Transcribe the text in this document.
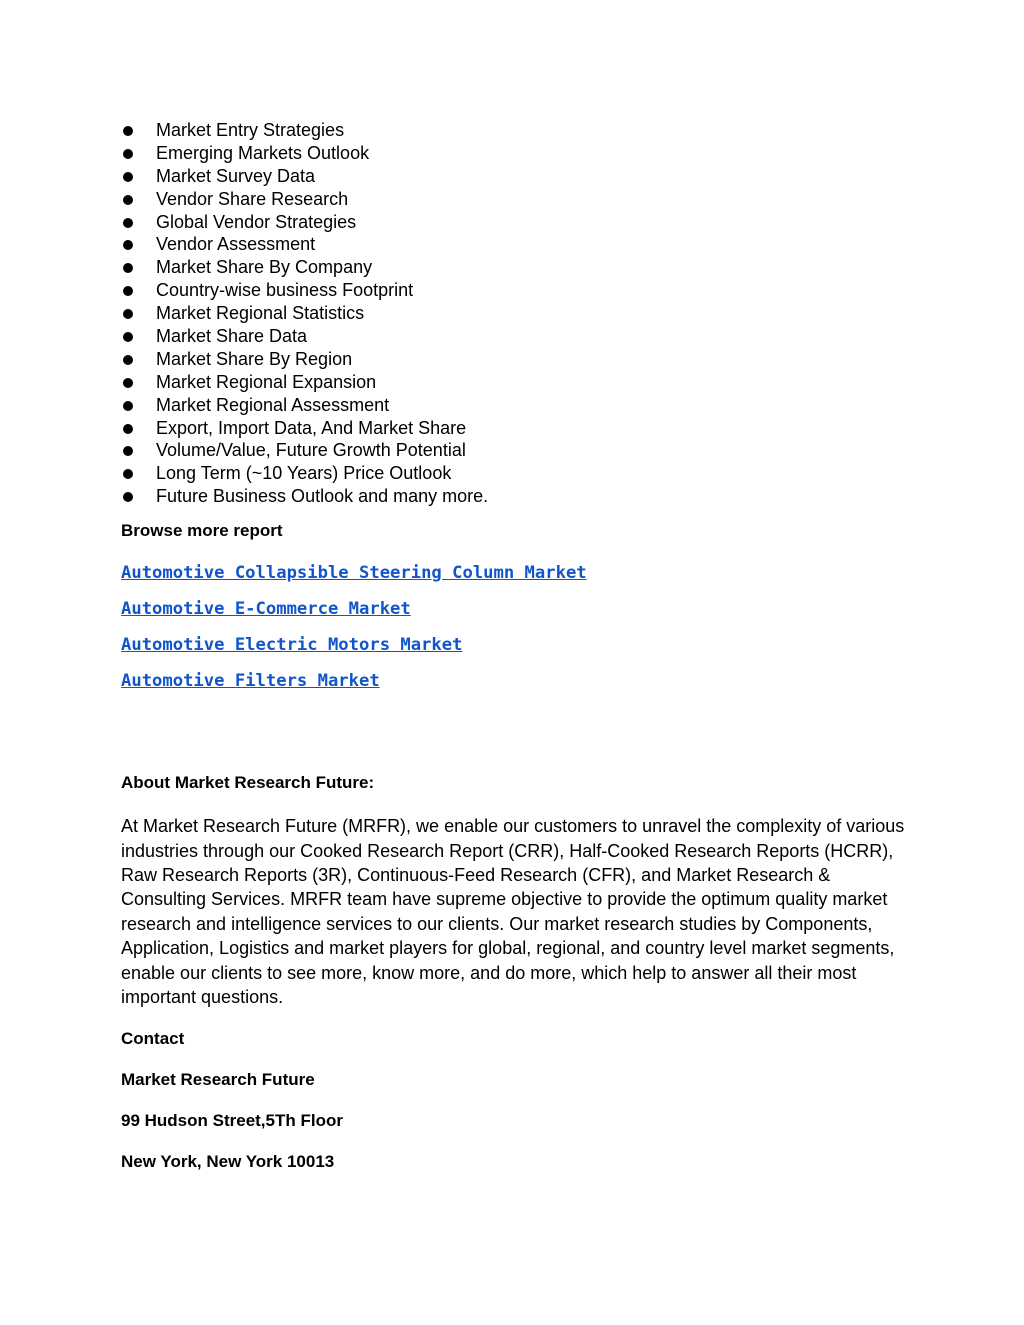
Market Entry Strategies
Emerging Markets Outlook
Market Survey Data
Vendor Share Research
Global Vendor Strategies
Vendor Assessment
Market Share By Company
Country-wise business Footprint
Market Regional Statistics
Market Share Data
Market Share By Region
Market Regional Expansion
Market Regional Assessment
Export, Import Data, And Market Share
Volume/Value, Future Growth Potential
Long Term (~10 Years) Price Outlook
Future Business Outlook and many more.

Browse more report

Automotive Collapsible Steering Column Market
Automotive E-Commerce Market
Automotive Electric Motors Market
Automotive Filters Market

About Market Research Future:

At Market Research Future (MRFR), we enable our customers to unravel the complexity of various industries through our Cooked Research Report (CRR), Half-Cooked Research Reports (HCRR), Raw Research Reports (3R), Continuous-Feed Research (CFR), and Market Research & Consulting Services. MRFR team have supreme objective to provide the optimum quality market research and intelligence services to our clients. Our market research studies by Components, Application, Logistics and market players for global, regional, and country level market segments, enable our clients to see more, know more, and do more, which help to answer all their most important questions.

Contact

Market Research Future

99 Hudson Street,5Th Floor

New York, New York 10013
